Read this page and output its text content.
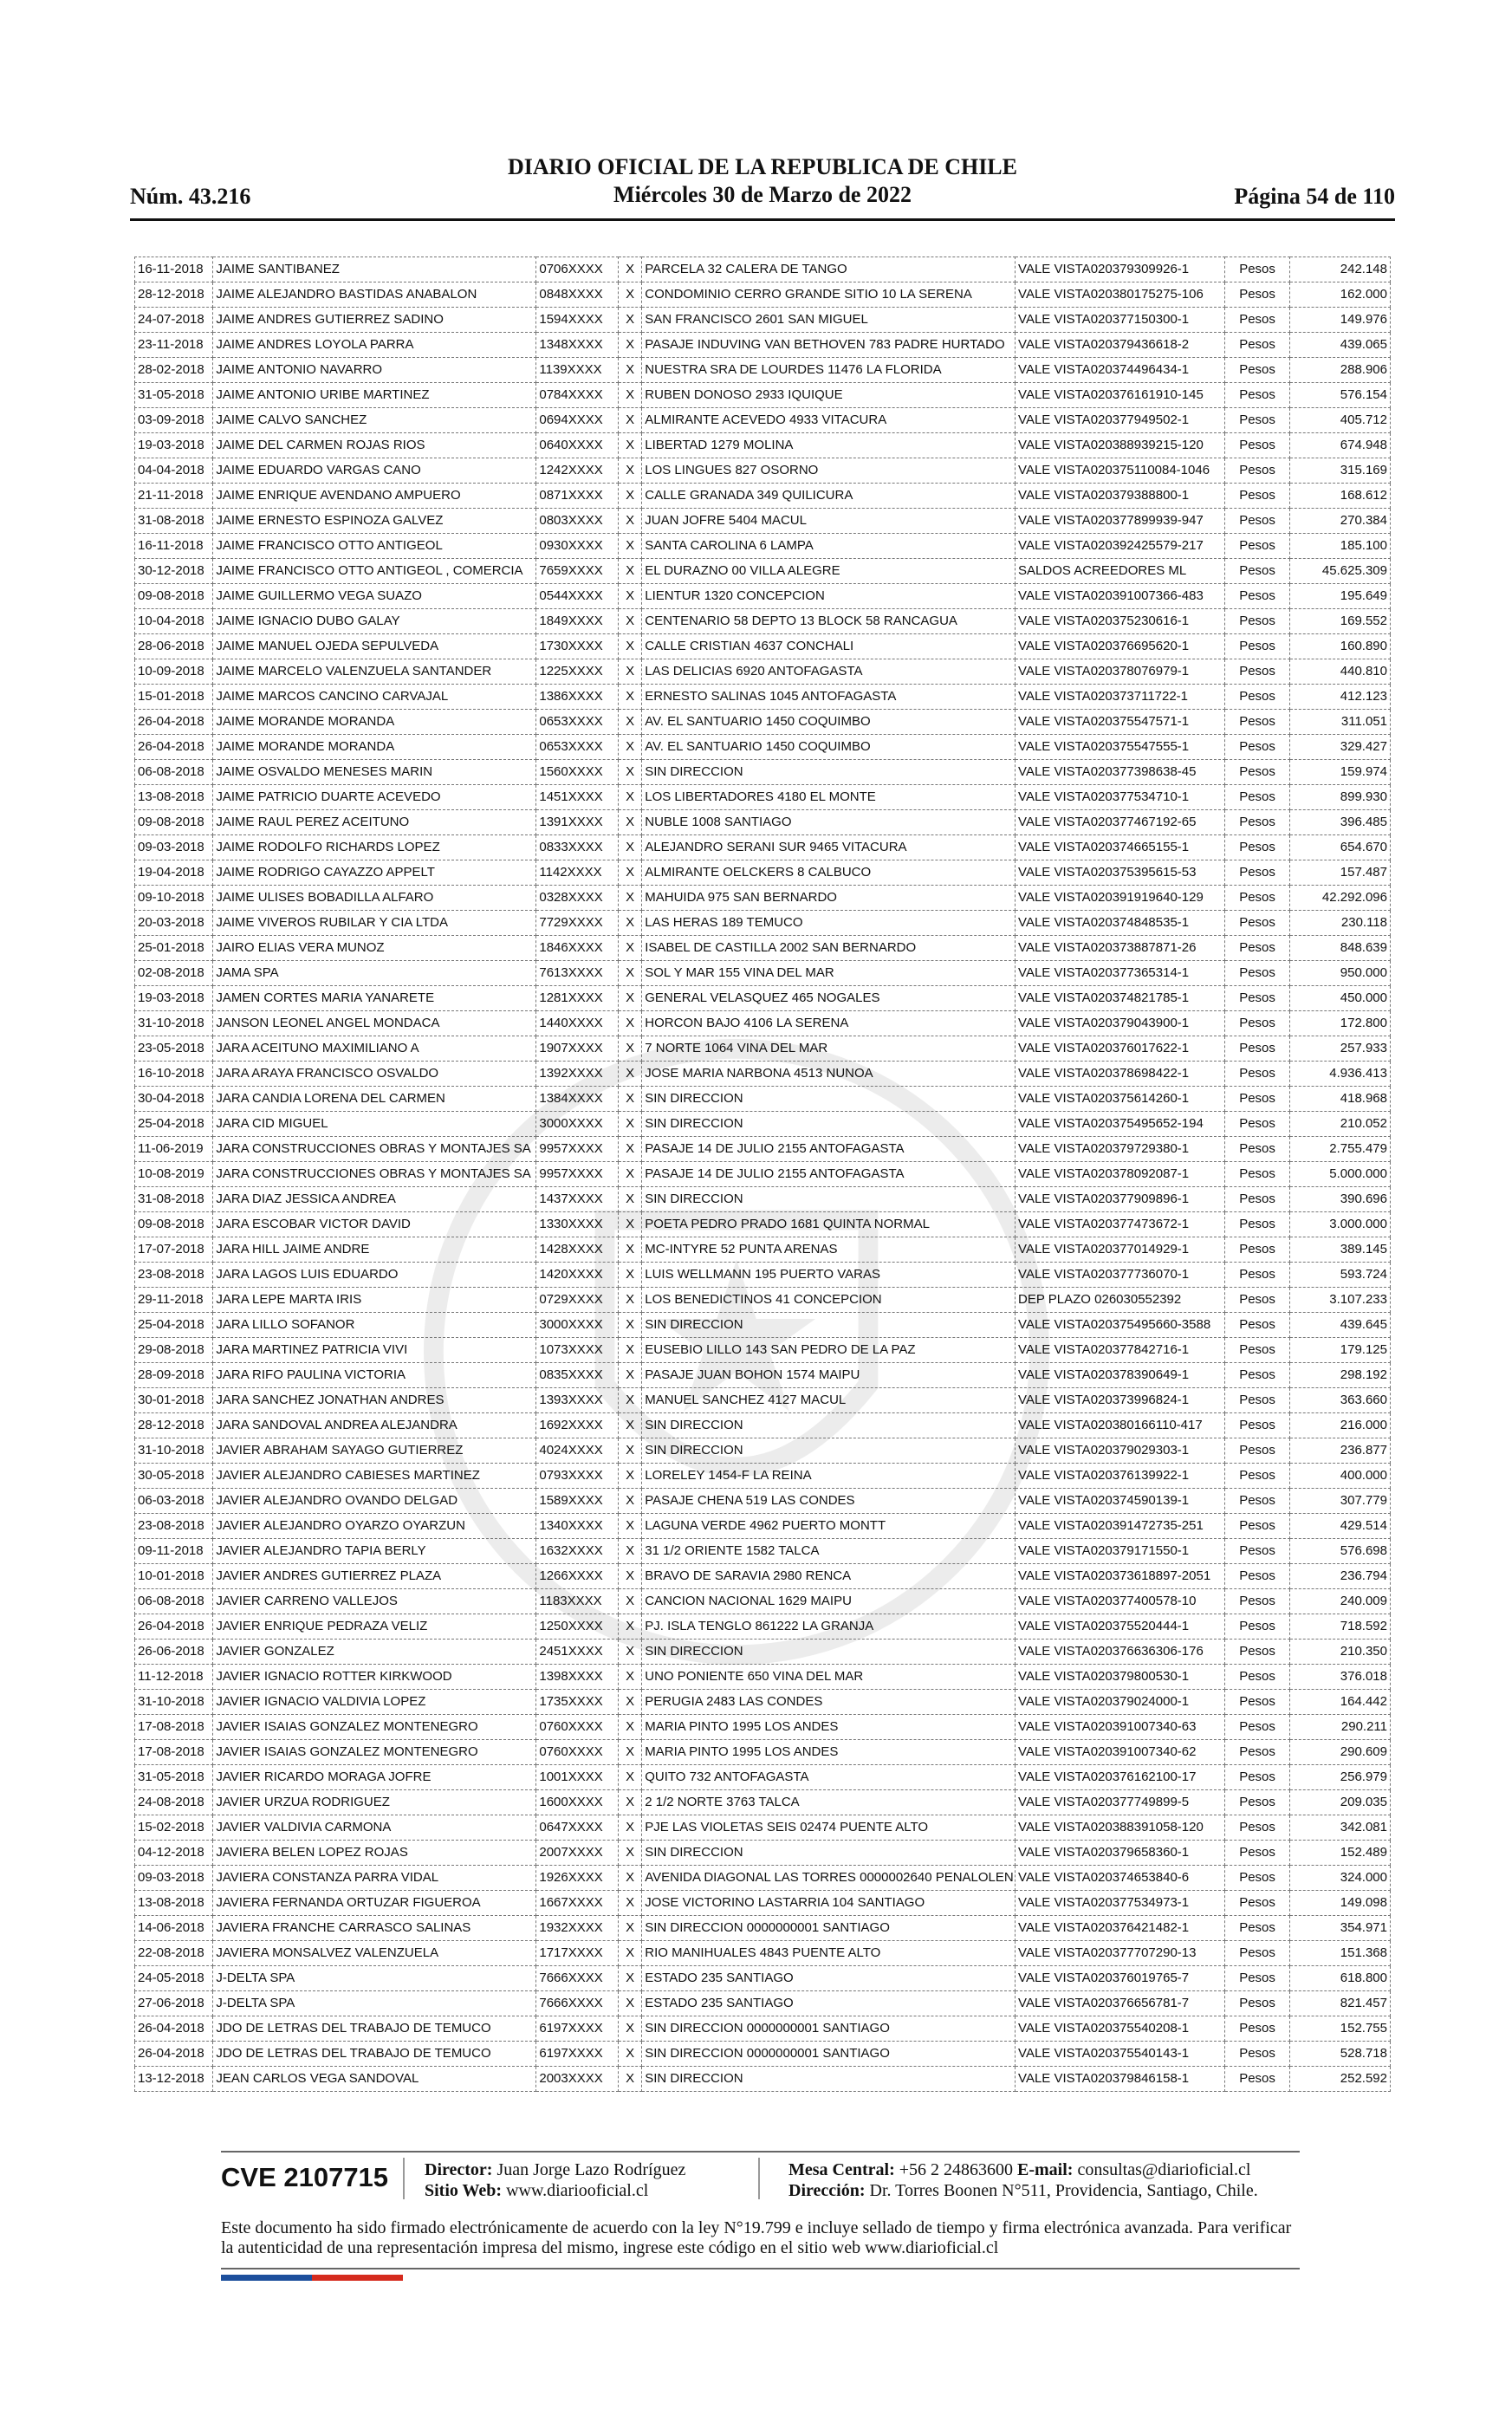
Núm. 43.216
DIARIO OFICIAL DE LA REPUBLICA DE CHILE
Miércoles 30 de Marzo de 2022	Página 54 de 110
16-11-2018	JAIME SANTIBANEZ	0706XXXX	X	PARCELA 32 CALERA DE TANGO	VALE VISTA020379309926-1	Pesos	242.148
28-12-2018	JAIME ALEJANDRO BASTIDAS ANABALON	0848XXXX	X	CONDOMINIO CERRO GRANDE SITIO 10 LA SERENA	VALE VISTA020380175275-106	Pesos	162.000
24-07-2018	JAIME ANDRES GUTIERREZ SADINO	1594XXXX	X	SAN FRANCISCO 2601 SAN MIGUEL	VALE VISTA020377150300-1	Pesos	149.976
23-11-2018	JAIME ANDRES LOYOLA PARRA	1348XXXX	X	PASAJE INDUVING VAN BETHOVEN 783 PADRE HURTADO	VALE VISTA020379436618-2	Pesos	439.065
28-02-2018	JAIME ANTONIO NAVARRO	1139XXXX	X	NUESTRA SRA DE LOURDES 11476 LA FLORIDA	VALE VISTA020374496434-1	Pesos	288.906
31-05-2018	JAIME ANTONIO URIBE MARTINEZ	0784XXXX	X	RUBEN DONOSO 2933 IQUIQUE	VALE VISTA020376161910-145	Pesos	576.154
03-09-2018	JAIME CALVO SANCHEZ	0694XXXX	X	ALMIRANTE ACEVEDO 4933 VITACURA	VALE VISTA020377949502-1	Pesos	405.712
19-03-2018	JAIME DEL CARMEN ROJAS RIOS	0640XXXX	X	LIBERTAD 1279 MOLINA	VALE VISTA020388939215-120	Pesos	674.948
04-04-2018	JAIME EDUARDO VARGAS CANO	1242XXXX	X	LOS LINGUES 827 OSORNO	VALE VISTA020375110084-1046	Pesos	315.169
21-11-2018	JAIME ENRIQUE AVENDANO AMPUERO	0871XXXX	X	CALLE GRANADA 349 QUILICURA	VALE VISTA020379388800-1	Pesos	168.612
31-08-2018	JAIME ERNESTO ESPINOZA GALVEZ	0803XXXX	X	JUAN JOFRE 5404 MACUL	VALE VISTA020377899939-947	Pesos	270.384
16-11-2018	JAIME FRANCISCO OTTO ANTIGEOL	0930XXXX	X	SANTA CAROLINA 6 LAMPA	VALE VISTA020392425579-217	Pesos	185.100
30-12-2018	JAIME FRANCISCO OTTO ANTIGEOL , COMERCIA	7659XXXX	X	EL DURAZNO 00 VILLA ALEGRE	SALDOS ACREEDORES ML	Pesos	45.625.309
09-08-2018	JAIME GUILLERMO VEGA SUAZO	0544XXXX	X	LIENTUR 1320 CONCEPCION	VALE VISTA020391007366-483	Pesos	195.649
10-04-2018	JAIME IGNACIO DUBO GALAY	1849XXXX	X	CENTENARIO 58 DEPTO 13 BLOCK 58 RANCAGUA	VALE VISTA020375230616-1	Pesos	169.552
28-06-2018	JAIME MANUEL OJEDA SEPULVEDA	1730XXXX	X	CALLE CRISTIAN 4637 CONCHALI	VALE VISTA020376695620-1	Pesos	160.890
10-09-2018	JAIME MARCELO VALENZUELA SANTANDER	1225XXXX	X	LAS DELICIAS 6920 ANTOFAGASTA	VALE VISTA020378076979-1	Pesos	440.810
15-01-2018	JAIME MARCOS CANCINO CARVAJAL	1386XXXX	X	ERNESTO SALINAS 1045 ANTOFAGASTA	VALE VISTA020373711722-1	Pesos	412.123
26-04-2018	JAIME MORANDE MORANDA	0653XXXX	X	AV. EL SANTUARIO 1450 COQUIMBO	VALE VISTA020375547571-1	Pesos	311.051
26-04-2018	JAIME MORANDE MORANDA	0653XXXX	X	AV. EL SANTUARIO 1450 COQUIMBO	VALE VISTA020375547555-1	Pesos	329.427
06-08-2018	JAIME OSVALDO MENESES MARIN	1560XXXX	X	SIN DIRECCION	VALE VISTA020377398638-45	Pesos	159.974
13-08-2018	JAIME PATRICIO DUARTE ACEVEDO	1451XXXX	X	LOS LIBERTADORES 4180 EL MONTE	VALE VISTA020377534710-1	Pesos	899.930
09-08-2018	JAIME RAUL PEREZ ACEITUNO	1391XXXX	X	NUBLE 1008 SANTIAGO	VALE VISTA020377467192-65	Pesos	396.485
09-03-2018	JAIME RODOLFO RICHARDS LOPEZ	0833XXXX	X	ALEJANDRO SERANI SUR 9465 VITACURA	VALE VISTA020374665155-1	Pesos	654.670
19-04-2018	JAIME RODRIGO CAYAZZO APPELT	1142XXXX	X	ALMIRANTE OELCKERS 8 CALBUCO	VALE VISTA020375395615-53	Pesos	157.487
09-10-2018	JAIME ULISES BOBADILLA ALFARO	0328XXXX	X	MAHUIDA 975 SAN BERNARDO	VALE VISTA020391919640-129	Pesos	42.292.096
20-03-2018	JAIME VIVEROS RUBILAR Y CIA LTDA	7729XXXX	X	LAS HERAS 189 TEMUCO	VALE VISTA020374848535-1	Pesos	230.118
25-01-2018	JAIRO ELIAS VERA MUNOZ	1846XXXX	X	ISABEL DE CASTILLA 2002 SAN BERNARDO	VALE VISTA020373887871-26	Pesos	848.639
02-08-2018	JAMA SPA	7613XXXX	X	SOL Y MAR 155 VINA DEL MAR	VALE VISTA020377365314-1	Pesos	950.000
19-03-2018	JAMEN CORTES MARIA YANARETE	1281XXXX	X	GENERAL VELASQUEZ 465 NOGALES	VALE VISTA020374821785-1	Pesos	450.000
31-10-2018	JANSON LEONEL ANGEL MONDACA	1440XXXX	X	HORCON BAJO 4106 LA SERENA	VALE VISTA020379043900-1	Pesos	172.800
23-05-2018	JARA ACEITUNO MAXIMILIANO A	1907XXXX	X	7 NORTE 1064 VINA DEL MAR	VALE VISTA020376017622-1	Pesos	257.933
16-10-2018	JARA ARAYA FRANCISCO OSVALDO	1392XXXX	X	JOSE MARIA NARBONA 4513 NUNOA	VALE VISTA020378698422-1	Pesos	4.936.413
30-04-2018	JARA CANDIA LORENA DEL CARMEN	1384XXXX	X	SIN DIRECCION	VALE VISTA020375614260-1	Pesos	418.968
25-04-2018	JARA CID MIGUEL	3000XXXX	X	SIN DIRECCION	VALE VISTA020375495652-194	Pesos	210.052
11-06-2019	JARA CONSTRUCCIONES OBRAS Y MONTAJES SA	9957XXXX	X	PASAJE 14 DE JULIO 2155 ANTOFAGASTA	VALE VISTA020379729380-1	Pesos	2.755.479
10-08-2019	JARA CONSTRUCCIONES OBRAS Y MONTAJES SA	9957XXXX	X	PASAJE 14 DE JULIO 2155 ANTOFAGASTA	VALE VISTA020378092087-1	Pesos	5.000.000
31-08-2018	JARA DIAZ JESSICA ANDREA	1437XXXX	X	SIN DIRECCION	VALE VISTA020377909896-1	Pesos	390.696
09-08-2018	JARA ESCOBAR VICTOR DAVID	1330XXXX	X	POETA PEDRO PRADO 1681 QUINTA NORMAL	VALE VISTA020377473672-1	Pesos	3.000.000
17-07-2018	JARA HILL JAIME ANDRE	1428XXXX	X	MC-INTYRE 52 PUNTA ARENAS	VALE VISTA020377014929-1	Pesos	389.145
23-08-2018	JARA LAGOS LUIS EDUARDO	1420XXXX	X	LUIS WELLMANN 195 PUERTO VARAS	VALE VISTA020377736070-1	Pesos	593.724
29-11-2018	JARA LEPE MARTA IRIS	0729XXXX	X	LOS BENEDICTINOS 41 CONCEPCION	DEP PLAZO 026030552392	Pesos	3.107.233
25-04-2018	JARA LILLO SOFANOR	3000XXXX	X	SIN DIRECCION	VALE VISTA020375495660-3588	Pesos	439.645
29-08-2018	JARA MARTINEZ PATRICIA VIVI	1073XXXX	X	EUSEBIO LILLO 143 SAN PEDRO DE LA PAZ	VALE VISTA020377842716-1	Pesos	179.125
28-09-2018	JARA RIFO PAULINA VICTORIA	0835XXXX	X	PASAJE JUAN BOHON 1574 MAIPU	VALE VISTA020378390649-1	Pesos	298.192
30-01-2018	JARA SANCHEZ JONATHAN ANDRES	1393XXXX	X	MANUEL SANCHEZ 4127 MACUL	VALE VISTA020373996824-1	Pesos	363.660
28-12-2018	JARA SANDOVAL ANDREA ALEJANDRA	1692XXXX	X	SIN DIRECCION	VALE VISTA020380166110-417	Pesos	216.000
31-10-2018	JAVIER ABRAHAM SAYAGO GUTIERREZ	4024XXXX	X	SIN DIRECCION	VALE VISTA020379029303-1	Pesos	236.877
30-05-2018	JAVIER ALEJANDRO CABIESES MARTINEZ	0793XXXX	X	LORELEY 1454-F LA REINA	VALE VISTA020376139922-1	Pesos	400.000
06-03-2018	JAVIER ALEJANDRO OVANDO DELGAD	1589XXXX	X	PASAJE CHENA 519 LAS CONDES	VALE VISTA020374590139-1	Pesos	307.779
23-08-2018	JAVIER ALEJANDRO OYARZO OYARZUN	1340XXXX	X	LAGUNA VERDE 4962 PUERTO MONTT	VALE VISTA020391472735-251	Pesos	429.514
09-11-2018	JAVIER ALEJANDRO TAPIA BERLY	1632XXXX	X	31 1/2 ORIENTE 1582 TALCA	VALE VISTA020379171550-1	Pesos	576.698
10-01-2018	JAVIER ANDRES GUTIERREZ PLAZA	1266XXXX	X	BRAVO DE SARAVIA 2980 RENCA	VALE VISTA020373618897-2051	Pesos	236.794
06-08-2018	JAVIER CARRENO VALLEJOS	1183XXXX	X	CANCION NACIONAL 1629 MAIPU	VALE VISTA020377400578-10	Pesos	240.009
26-04-2018	JAVIER ENRIQUE PEDRAZA VELIZ	1250XXXX	X	PJ. ISLA TENGLO 861222 LA GRANJA	VALE VISTA020375520444-1	Pesos	718.592
26-06-2018	JAVIER GONZALEZ	2451XXXX	X	SIN DIRECCION	VALE VISTA020376636306-176	Pesos	210.350
11-12-2018	JAVIER IGNACIO ROTTER KIRKWOOD	1398XXXX	X	UNO PONIENTE 650 VINA DEL MAR	VALE VISTA020379800530-1	Pesos	376.018
31-10-2018	JAVIER IGNACIO VALDIVIA LOPEZ	1735XXXX	X	PERUGIA 2483 LAS CONDES	VALE VISTA020379024000-1	Pesos	164.442
17-08-2018	JAVIER ISAIAS GONZALEZ MONTENEGRO	0760XXXX	X	MARIA PINTO 1995 LOS ANDES	VALE VISTA020391007340-63	Pesos	290.211
17-08-2018	JAVIER ISAIAS GONZALEZ MONTENEGRO	0760XXXX	X	MARIA PINTO 1995 LOS ANDES	VALE VISTA020391007340-62	Pesos	290.609
31-05-2018	JAVIER RICARDO MORAGA JOFRE	1001XXXX	X	QUITO 732 ANTOFAGASTA	VALE VISTA020376162100-17	Pesos	256.979
24-08-2018	JAVIER URZUA RODRIGUEZ	1600XXXX	X	2 1/2 NORTE 3763 TALCA	VALE VISTA020377749899-5	Pesos	209.035
15-02-2018	JAVIER VALDIVIA CARMONA	0647XXXX	X	PJE LAS VIOLETAS SEIS 02474 PUENTE ALTO	VALE VISTA020388391058-120	Pesos	342.081
04-12-2018	JAVIERA BELEN LOPEZ ROJAS	2007XXXX	X	SIN DIRECCION	VALE VISTA020379658360-1	Pesos	152.489
09-03-2018	JAVIERA CONSTANZA PARRA VIDAL	1926XXXX	X	AVENIDA DIAGONAL LAS TORRES 0000002640 PENALOLEN	VALE VISTA020374653840-6	Pesos	324.000
13-08-2018	JAVIERA FERNANDA ORTUZAR FIGUEROA	1667XXXX	X	JOSE VICTORINO LASTARRIA 104 SANTIAGO	VALE VISTA020377534973-1	Pesos	149.098
14-06-2018	JAVIERA FRANCHE CARRASCO SALINAS	1932XXXX	X	SIN DIRECCION 0000000001 SANTIAGO	VALE VISTA020376421482-1	Pesos	354.971
22-08-2018	JAVIERA MONSALVEZ VALENZUELA	1717XXXX	X	RIO MANIHUALES 4843 PUENTE ALTO	VALE VISTA020377707290-13	Pesos	151.368
24-05-2018	J-DELTA SPA	7666XXXX	X	ESTADO 235 SANTIAGO	VALE VISTA020376019765-7	Pesos	618.800
27-06-2018	J-DELTA SPA	7666XXXX	X	ESTADO 235 SANTIAGO	VALE VISTA020376656781-7	Pesos	821.457
26-04-2018	JDO DE LETRAS DEL TRABAJO DE TEMUCO	6197XXXX	X	SIN DIRECCION 0000000001 SANTIAGO	VALE VISTA020375540208-1	Pesos	152.755
26-04-2018	JDO DE LETRAS DEL TRABAJO DE TEMUCO	6197XXXX	X	SIN DIRECCION 0000000001 SANTIAGO	VALE VISTA020375540143-1	Pesos	528.718
13-12-2018	JEAN CARLOS VEGA SANDOVAL	2003XXXX	X	SIN DIRECCION	VALE VISTA020379846158-1	Pesos	252.592
CVE 2107715 Director: Juan Jorge Lazo Rodríguez
Sitio Web: www.diariooficial.cl
Mesa Central: +56 2 24863600 E-mail: consultas@diarioficial.cl
Dirección: Dr. Torres Boonen N°511, Providencia, Santiago, Chile.
Este documento ha sido firmado electrónicamente de acuerdo con la ley N°19.799 e incluye sellado de tiempo y firma electrónica avanzada. Para verificar la autenticidad de una representación impresa del mismo, ingrese este código en el sitio web www.diarioficial.cl
